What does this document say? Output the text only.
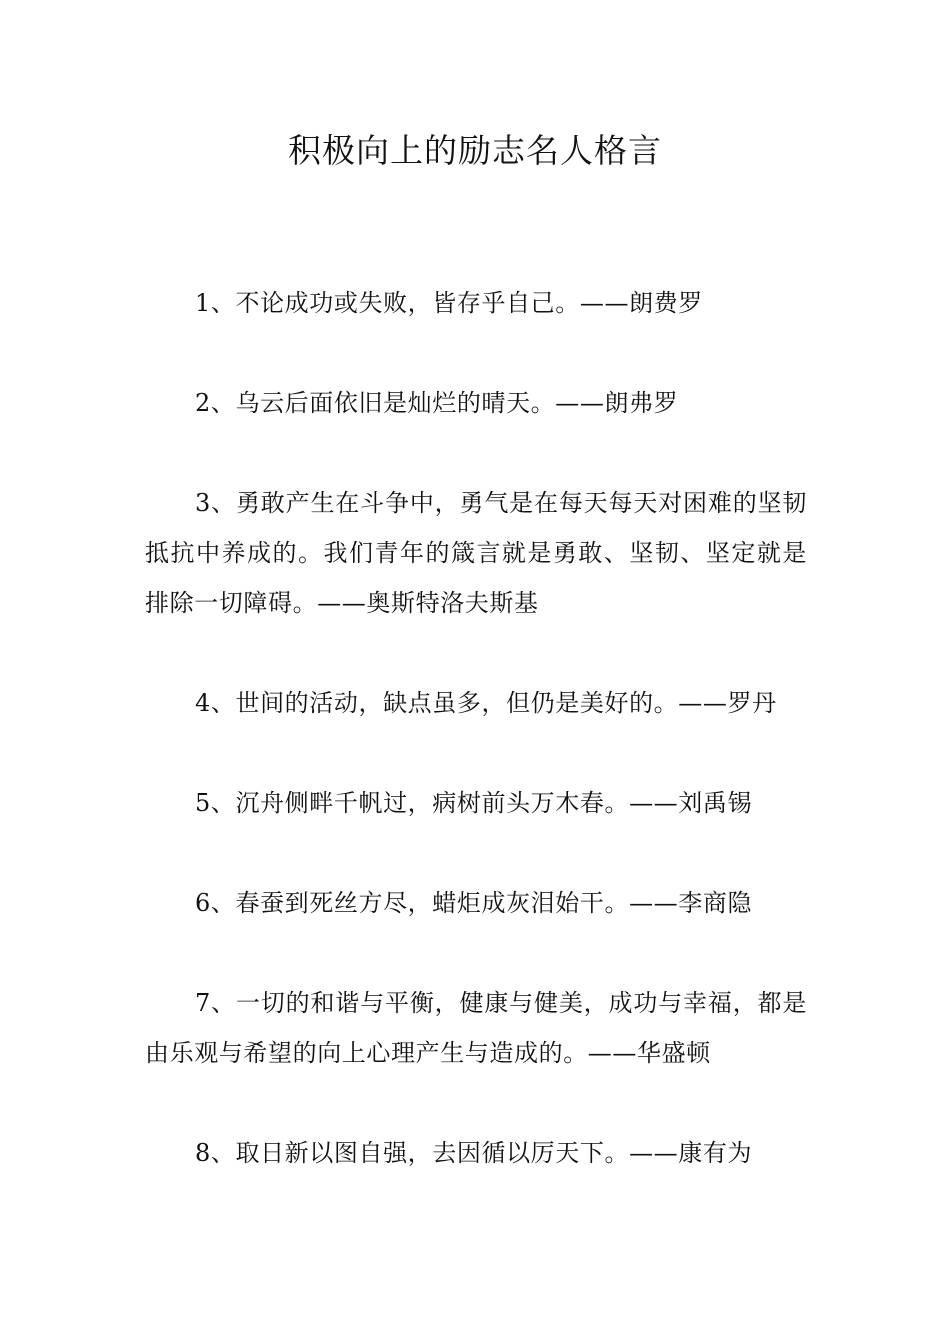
积极向上的励志名人格言

1、不论成功或失败，皆存乎自己。——朗费罗

2、乌云后面依旧是灿烂的晴天。——朗弗罗

3、勇敢产生在斗争中，勇气是在每天每天对困难的坚韧抵抗中养成的。我们青年的箴言就是勇敢、坚韧、坚定就是排除一切障碍。——奥斯特洛夫斯基

4、世间的活动，缺点虽多，但仍是美好的。——罗丹

5、沉舟侧畔千帆过，病树前头万木春。——刘禹锡

6、春蚕到死丝方尽，蜡炬成灰泪始干。——李商隐

7、一切的和谐与平衡，健康与健美，成功与幸福，都是由乐观与希望的向上心理产生与造成的。——华盛顿

8、取日新以图自强，去因循以厉天下。——康有为
